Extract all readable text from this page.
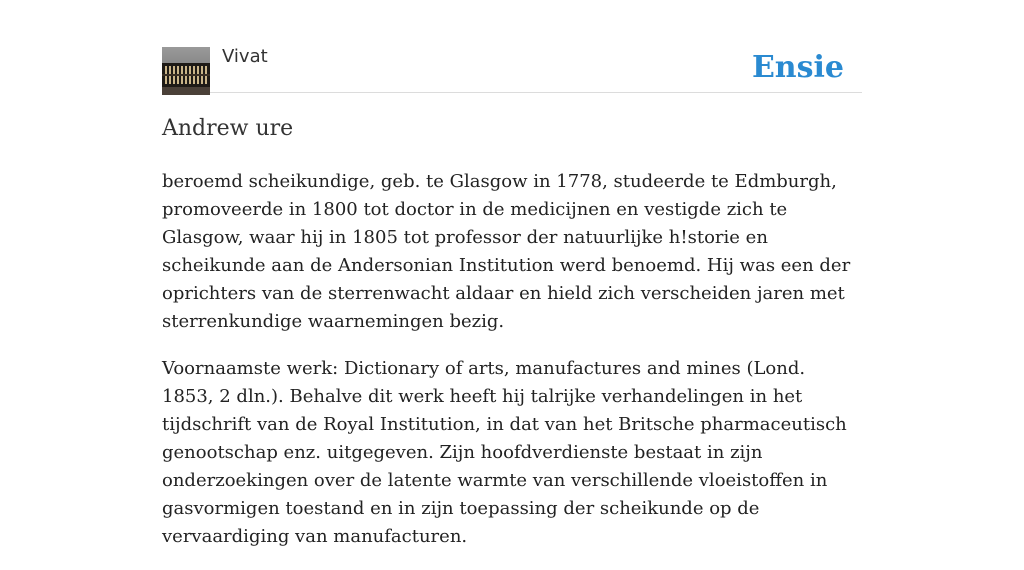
Vivat	Ensie
Andrew ure

beroemd scheikundige, geb. te Glasgow in 1778, studeerde te Edmburgh, promoveerde in 1800 tot doctor in de medicijnen en vestigde zich te Glasgow, waar hij in 1805 tot professor der natuurlijke h!storie en scheikunde aan de Andersonian Institution werd benoemd. Hij was een der oprichters van de sterrenwacht aldaar en hield zich verscheiden jaren met sterrenkundige waarnemingen bezig.

Voornaamste werk: Dictionary of arts, manufactures and mines (Lond. 1853, 2 dln.). Behalve dit werk heeft hij talrijke verhandelingen in het tijdschrift van de Royal Institution, in dat van het Britsche pharmaceutisch genootschap enz. uitgegeven. Zijn hoofdverdienste bestaat in zijn onderzoekingen over de latente warmte van verschillende vloeistoffen in gasvormigen toestand en in zijn toepassing der scheikunde op de vervaardiging van manufacturen.
